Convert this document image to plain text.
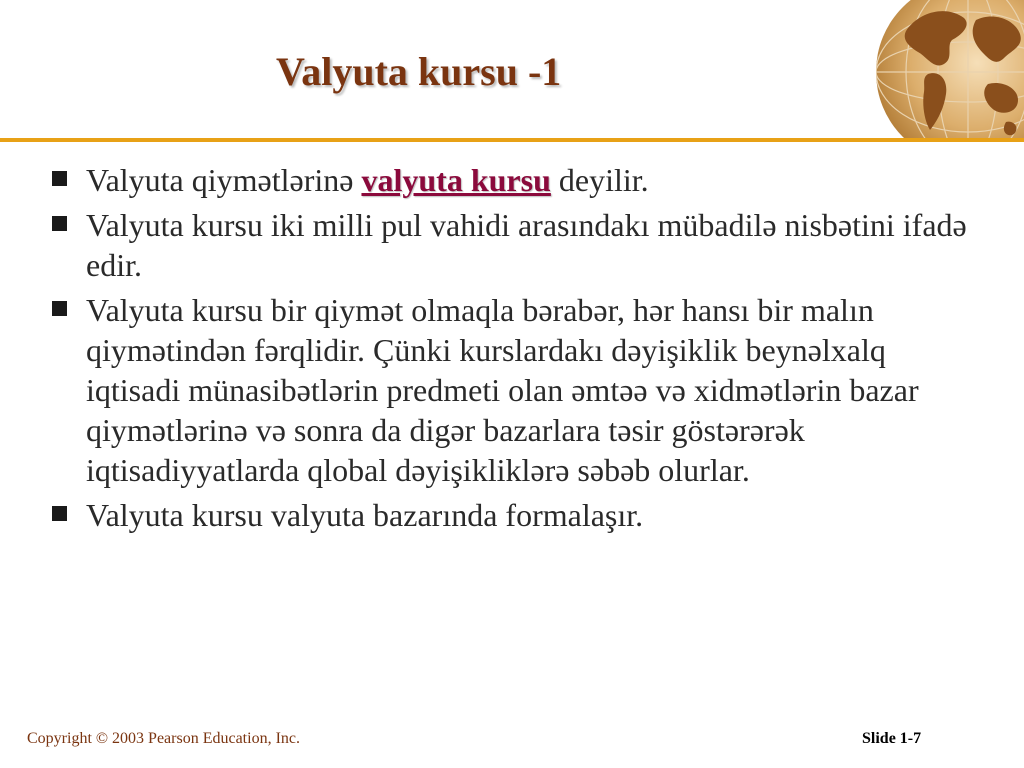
Valyuta kursu -1
Valyuta qiymətlərinə valyuta kursu deyilir.
Valyuta kursu iki milli pul vahidi arasındakı mübadilə nisbətini ifadə edir.
Valyuta kursu bir qiymət olmaqla bərabər, hər hansı bir malın qiymətindən fərqlidir. Çünki kurslardakı dəyişiklik beynəlxalq iqtisadi münasibətlərin predmeti olan əmtəə və xidmətlərin bazar qiymətlərinə və sonra da digər bazarlara təsir göstərərək iqtisadiyyatlarda qlobal dəyişikliklərə səbəb olurlar.
Valyuta kursu valyuta bazarında formalaşır.
Copyright © 2003 Pearson Education, Inc.	Slide 1-7
